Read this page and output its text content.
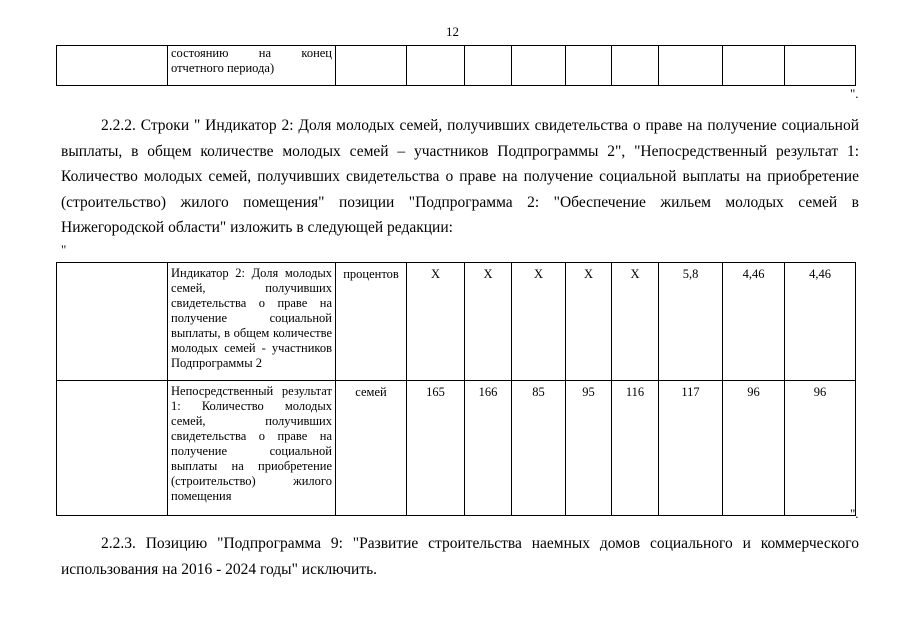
12
	состоянию на конец отчетного периода)									
".

2.2.2. Строки " Индикатор 2: Доля молодых семей, получивших свидетельства о праве на получение социальной выплаты, в общем количестве молодых семей – участников Подпрограммы 2", "Непосредственный результат 1: Количество молодых семей, получивших свидетельства о праве на получение социальной выплаты на приобретение (строительство) жилого помещения" позиции "Подпрограмма 2: "Обеспечение жильем молодых семей в Нижегородской области" изложить в следующей редакции:

"
	Индикатор 2: Доля молодых семей, получивших свидетельства о праве на получение социальной выплаты, в общем количестве молодых семей - участников Подпрограммы 2	процентов	X	X	X	X	X	5,8	4,46	4,46
	Непосредственный результат 1: Количество молодых семей, получивших свидетельства о праве на получение социальной выплаты на приобретение (строительство) жилого помещения	семей	165	166	85	95	116	117	96	96
".

2.2.3. Позицию "Подпрограмма 9: "Развитие строительства наемных домов социального и коммерческого использования на 2016 - 2024 годы" исключить.
